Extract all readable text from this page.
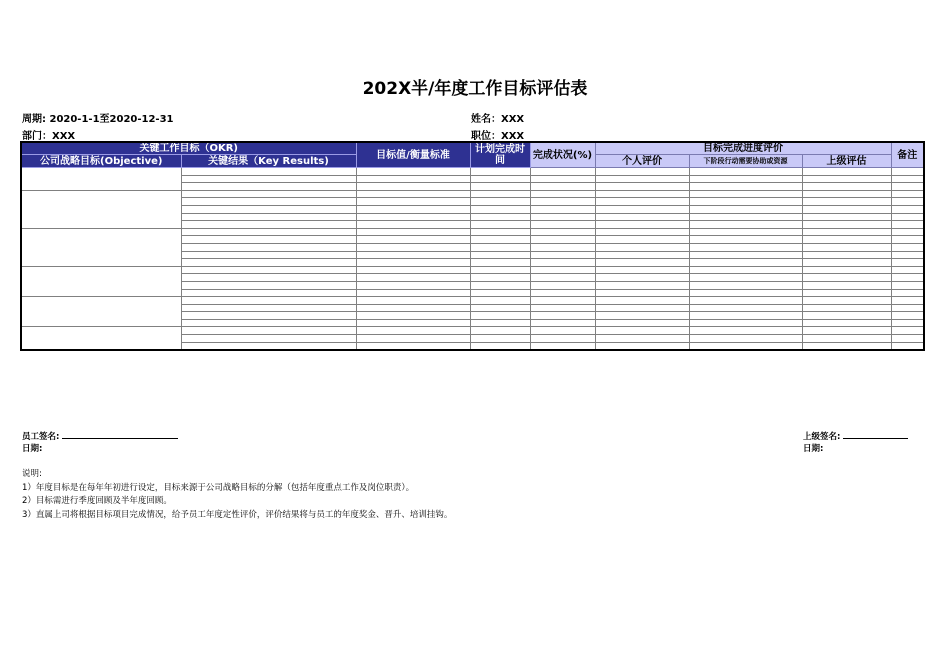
202X半/年度工作目标评估表
周期: 2020-1-1至2020-12-31	姓名：XXX
部门：XXX	职位：XXX
关键工作目标（OKR)		目标值/衡量标准	计划完成时间	完成状况(%)	目标完成进度评价			备注
公司战略目标(Objective)	关键结果（Key Results)				个人评价	下阶段行动需要协助或资源	上级评估	

员工签名:
日期:
上级签名:
日期:
说明:
1）年度目标是在每年年初进行设定，目标来源于公司战略目标的分解（包括年度重点工作及岗位职责）。
2）目标需进行季度回顾及半年度回顾。
3）直属上司将根据目标项目完成情况，给予员工年度定性评价，评价结果将与员工的年度奖金、晋升、培训挂钩。
